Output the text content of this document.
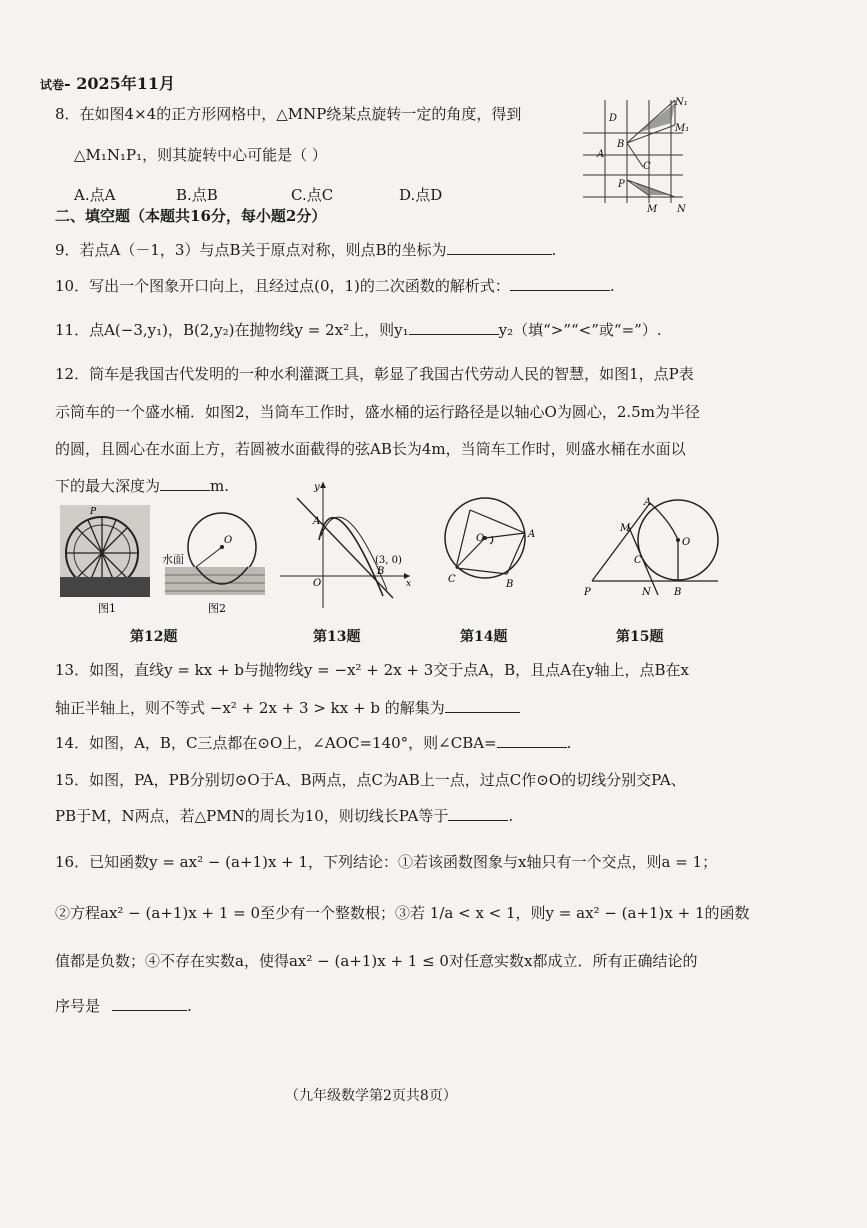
试卷- 2025年11月
8．在如图4×4的正方形网格中，△MNP绕某点旋转一定的角度，得到
△M₁N₁P₁，则其旋转中心可能是（ ）
A.点A	B.点B	C.点C	D.点D
D
B
A
C
P
M N
N₁
M₁
二、填空题（本题共16分，每小题2分）
9．若点A（－1，3）与点B关于原点对称，则点B的坐标为	.
10．写出一个图象开口向上，且经过点(0，1)的二次函数的解析式：	.
11．点A(−3,y₁)，B(2,y₂)在抛物线y = 2x²上，则y₁	y₂（填“>”“<”或“=”）.
12．筒车是我国古代发明的一种水利灌溉工具，彰显了我国古代劳动人民的智慧，如图1，点P表
示筒车的一个盛水桶．如图2，当筒车工作时，盛水桶的运行路径是以轴心O为圆心，2.5m为半径
的圆，且圆心在水面上方，若圆被水面截得的弦AB长为4m，当筒车工作时，则盛水桶在水面以
下的最大深度为	m.
P
图1
水面
O
图2
y
A
O
B
x
(3, 0)
A
O
C	B
A
M
C
O
P	N B
第12题	第13题	第14题	第15题
13．如图，直线y = kx + b与抛物线y = −x² + 2x + 3交于点A，B，且点A在y轴上，点B在x
轴正半轴上，则不等式 −x² + 2x + 3 > kx + b 的解集为
14．如图，A，B，C三点都在⊙O上，∠AOC=140°，则∠CBA=	.
15．如图，PA，PB分别切⊙O于A、B两点，点C为AB上一点，过点C作⊙O的切线分别交PA、
PB于M，N两点，若△PMN的周长为10，则切线长PA等于	.
16．已知函数y = ax² − (a+1)x + 1，下列结论：①若该函数图象与x轴只有一个交点，则a = 1；
②方程ax² − (a+1)x + 1 = 0至少有一个整数根；③若 1/a < x < 1，则y = ax² − (a+1)x + 1的函数
值都是负数；④不存在实数a，使得ax² − (a+1)x + 1 ≤ 0对任意实数x都成立．所有正确结论的
序号是	.
（九年级数学第2页共8页）
